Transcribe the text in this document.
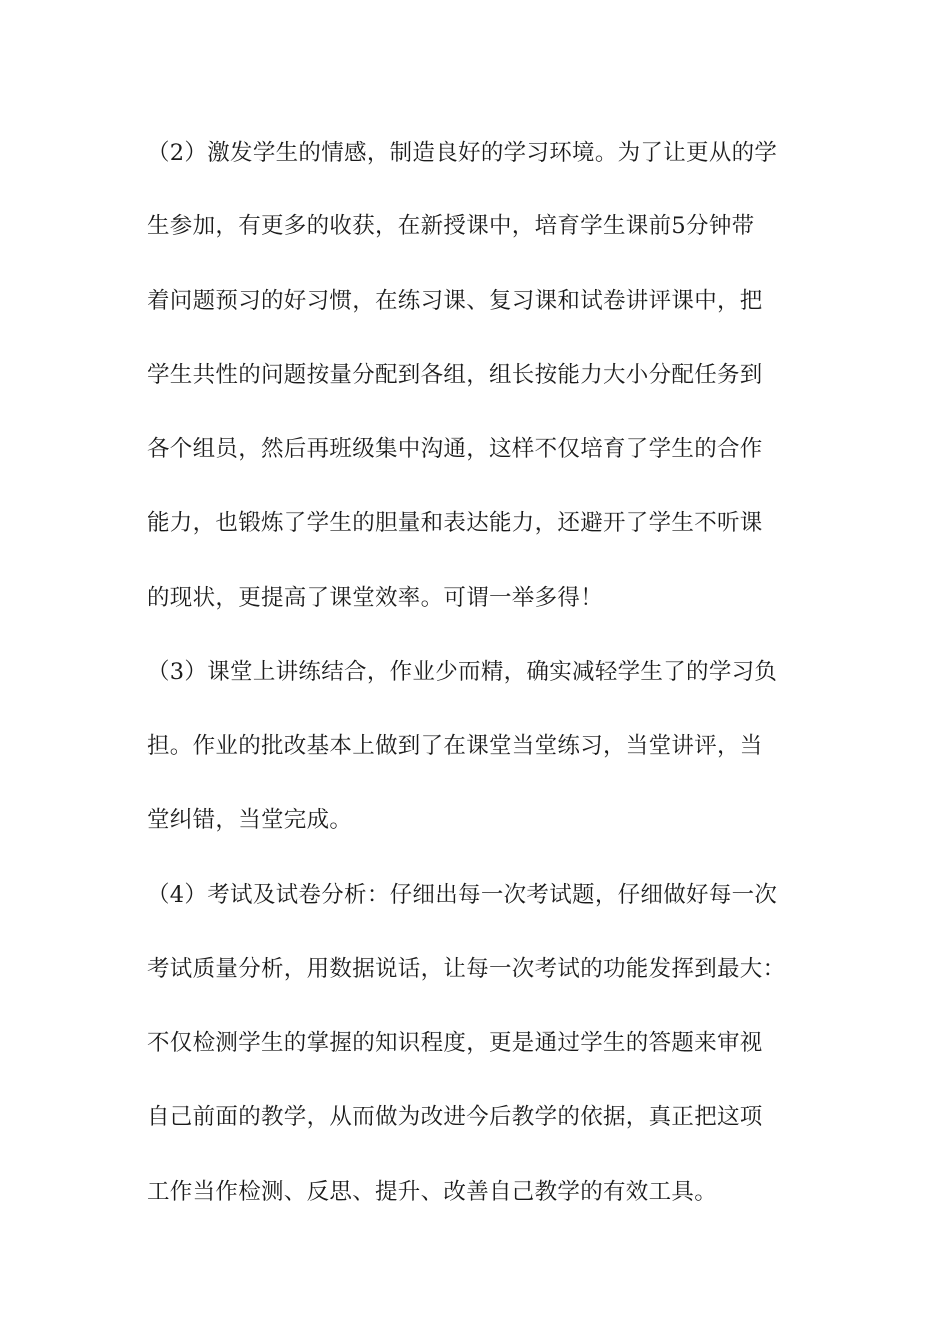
（2）激发学生的情感，制造良好的学习环境。为了让更从的学
生参加，有更多的收获，在新授课中，培育学生课前5分钟带
着问题预习的好习惯，在练习课、复习课和试卷讲评课中，把
学生共性的问题按量分配到各组，组长按能力大小分配任务到
各个组员，然后再班级集中沟通，这样不仅培育了学生的合作
能力，也锻炼了学生的胆量和表达能力，还避开了学生不听课
的现状，更提高了课堂效率。可谓一举多得！
（3）课堂上讲练结合，作业少而精，确实减轻学生了的学习负
担。作业的批改基本上做到了在课堂当堂练习，当堂讲评，当
堂纠错，当堂完成。
（4）考试及试卷分析：仔细出每一次考试题，仔细做好每一次
考试质量分析，用数据说话，让每一次考试的功能发挥到最大：
不仅检测学生的掌握的知识程度，更是通过学生的答题来审视
自己前面的教学，从而做为改进今后教学的依据，真正把这项
工作当作检测、反思、提升、改善自己教学的有效工具。
